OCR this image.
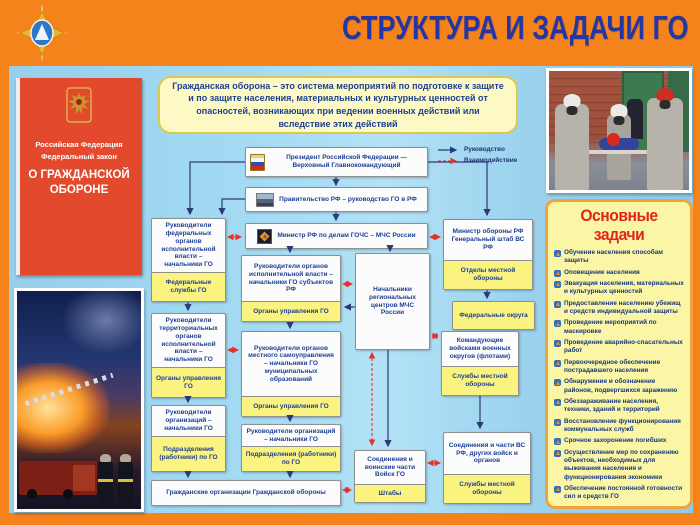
СТРУКТУРА И ЗАДАЧИ ГО
Российская Федерация
Федеральный закон
О ГРАЖДАНСКОЙ ОБОРОНЕ
Гражданская оборона – это система мероприятий по подготовке к защите и по защите населения, материальных и культурных ценностей от опасностей, возникающих при ведении военных действий или вследствие этих действий
Руководство
Взаимодействие
Президент Российской Федерации — Верховный Главнокомандующий
Правительство РФ – руководство ГО в РФ
Министр РФ по делам ГОЧС – МЧС России
Руководители федеральных органов исполнительной власти – начальники ГО
Федеральные службы ГО
Руководители территориальных органов исполнительной власти – начальники ГО
Органы управления ГО
Руководители организаций – начальники ГО
Подразделения (работники) по ГО
Гражданские организации Гражданской обороны
Руководители органов исполнительной власти – начальники ГО субъектов РФ
Органы управления ГО
Руководители органов местного самоуправления – начальники ГО муниципальных образований
Органы управления ГО
Руководители организаций – начальники ГО
Подразделения (работники) по ГО
Начальники региональных центров МЧС России
Соединения и воинские части Войск ГО
Штабы
Министр обороны РФ Генеральный штаб ВС РФ
Отделы местной обороны
Федеральные округа
Командующие войсками военных округов (флотами)
Службы местной обороны
Соединения и части ВС РФ, других войск и органов
Службы местной обороны
Основные задачи
Обучение населения способам защиты
Оповещение населения
Эвакуация населения, материальных и культурных ценностей
Предоставление населению убежищ и средств индивидуальной защиты
Проведение мероприятий по маскировке
Проведение аварийно-спасательных работ
Первоочередное обеспечение пострадавшего населения
Обнаружение и обозначение районов, подвергшихся заражению
Обеззараживание населения, техники, зданий и территорий
Восстановление функционирования коммунальных служб
Срочное захоронение погибших
Осуществление мер по сохранению объектов, необходимых для выживания населения и функционирования экономики
Обеспечение постоянной готовности сил и средств ГО
